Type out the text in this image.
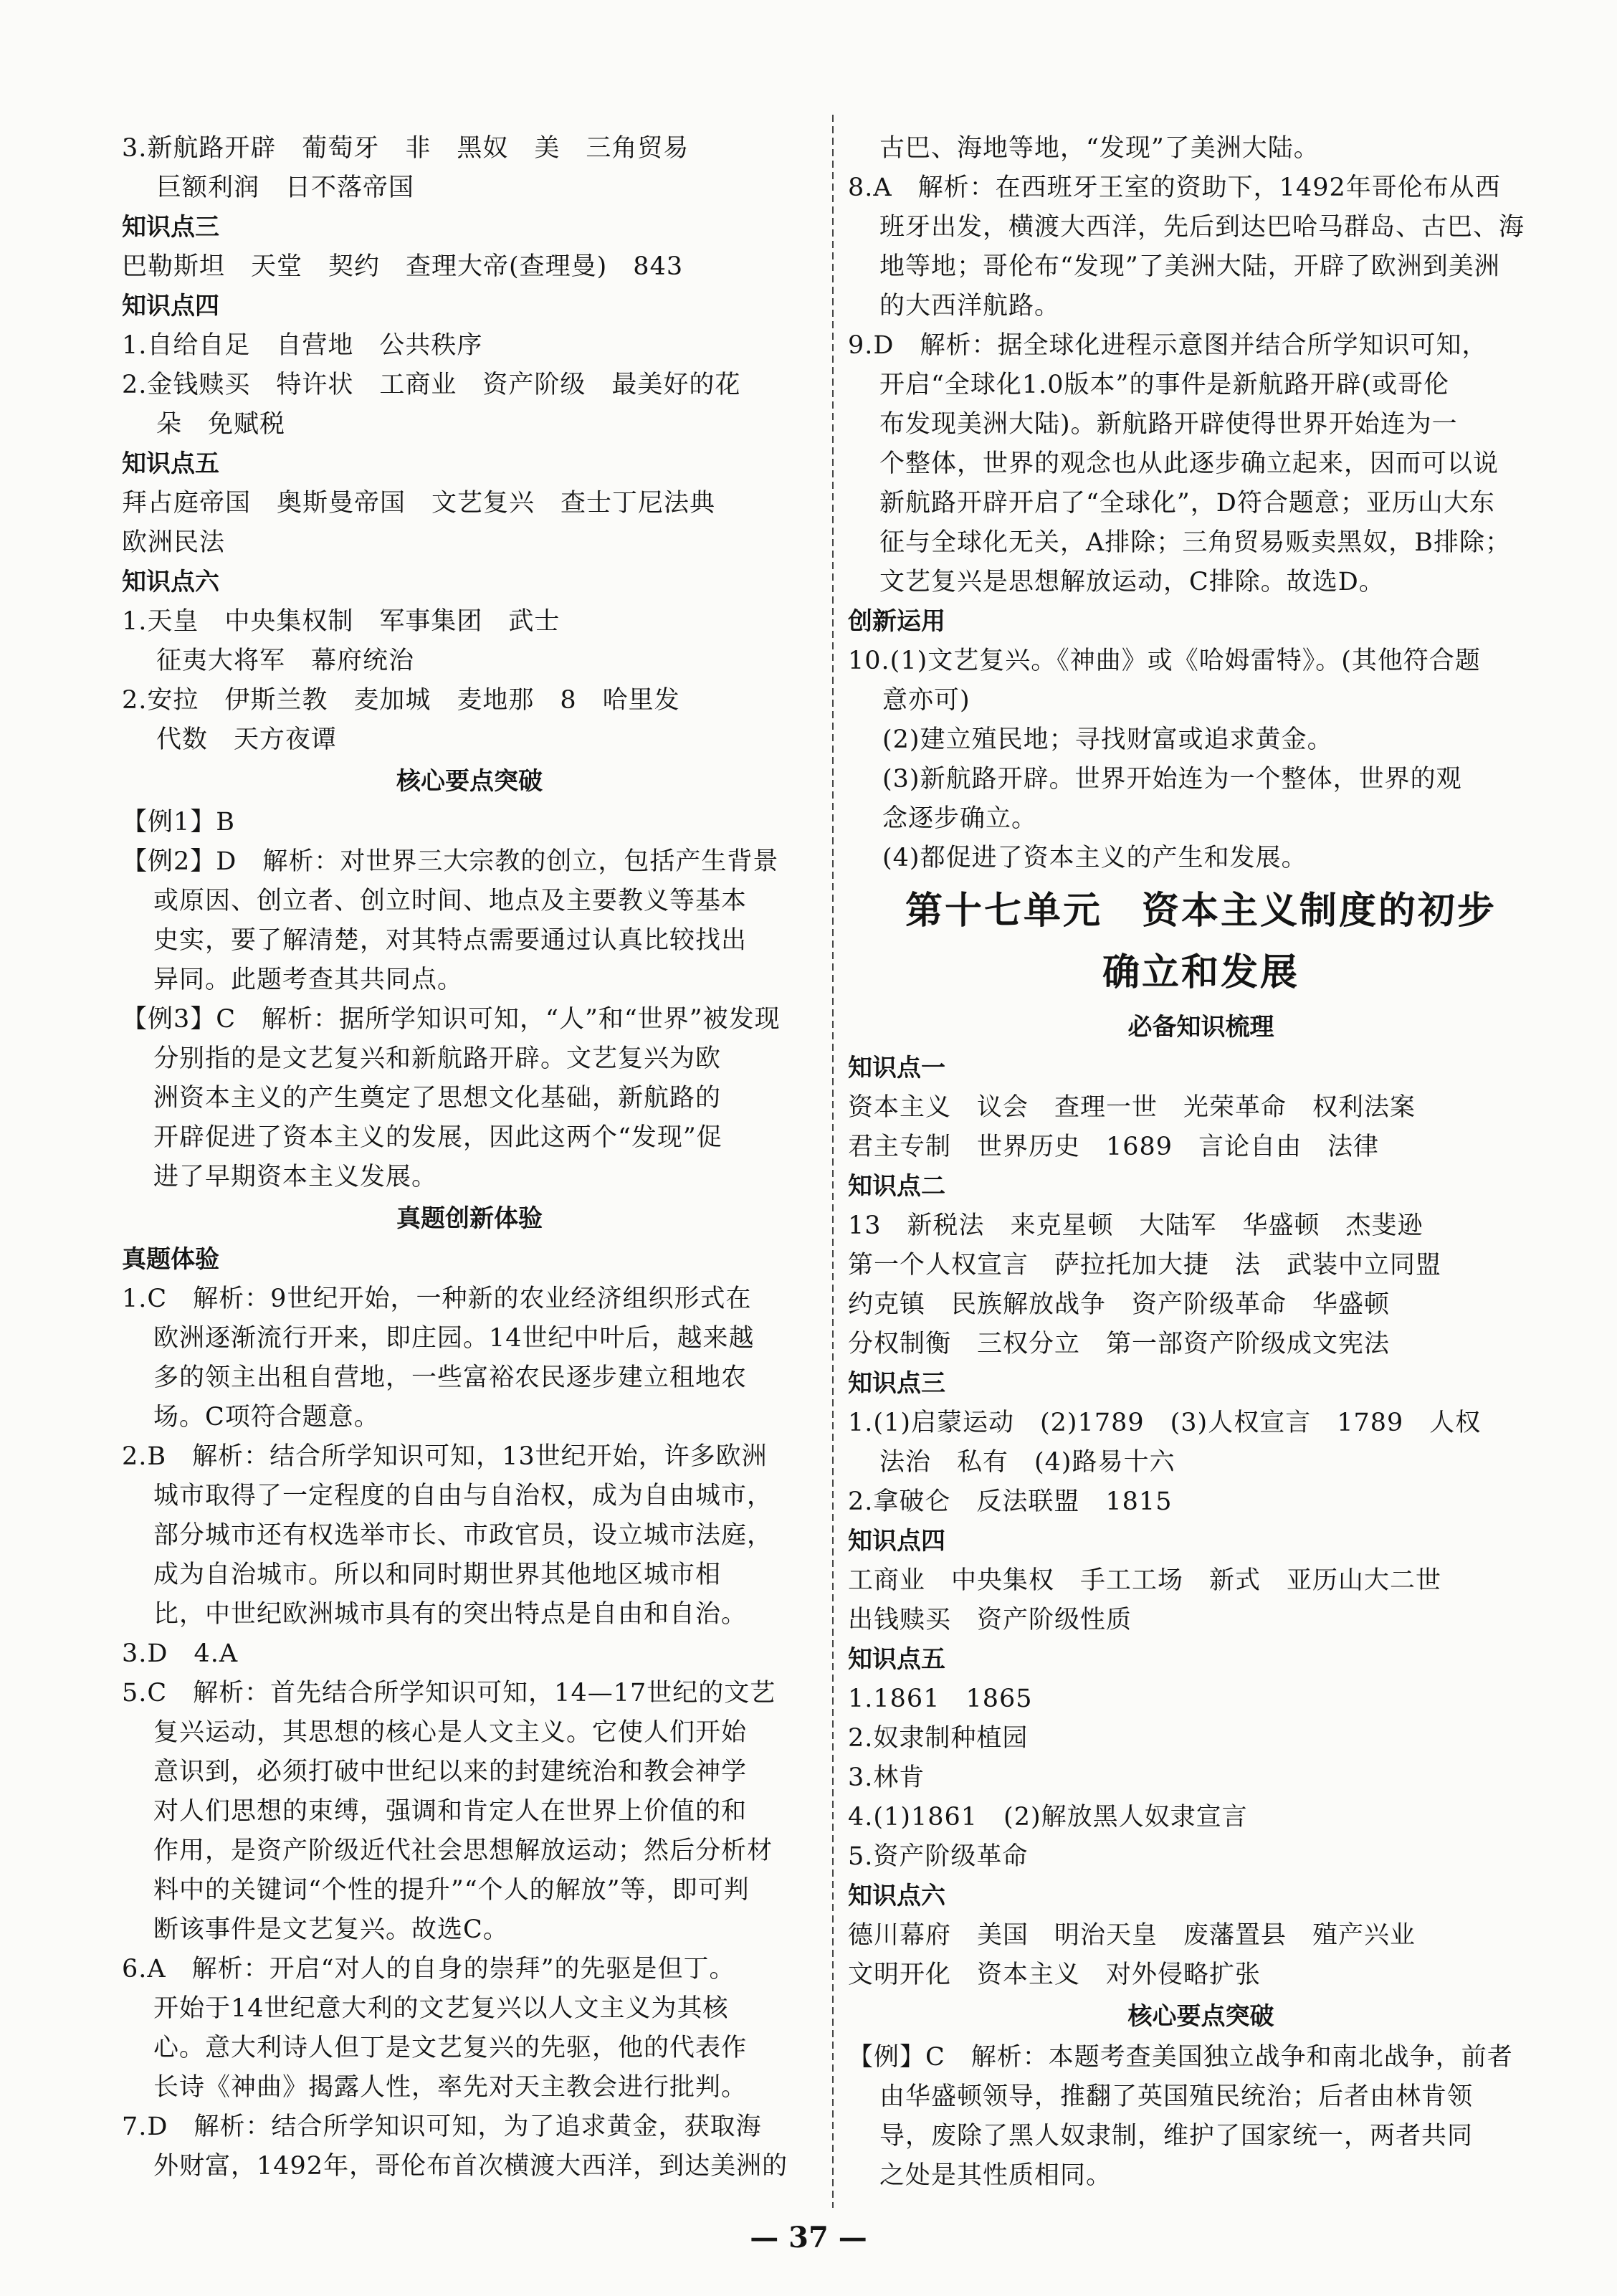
3.新航路开辟　葡萄牙　非　黑奴　美　三角贸易

巨额利润　日不落帝国

知识点三

巴勒斯坦　天堂　契约　查理大帝(查理曼)　843

知识点四

1.自给自足　自营地　公共秩序

2.金钱赎买　特许状　工商业　资产阶级　最美好的花

朵　免赋税

知识点五

拜占庭帝国　奥斯曼帝国　文艺复兴　查士丁尼法典

欧洲民法

知识点六

1.天皇　中央集权制　军事集团　武士

征夷大将军　幕府统治

2.安拉　伊斯兰教　麦加城　麦地那　8　哈里发

代数　天方夜谭

核心要点突破

【例1】B

【例2】D　解析：对世界三大宗教的创立，包括产生背景

或原因、创立者、创立时间、地点及主要教义等基本

史实，要了解清楚，对其特点需要通过认真比较找出

异同。此题考查其共同点。

【例3】C　解析：据所学知识可知，“人”和“世界”被发现

分别指的是文艺复兴和新航路开辟。文艺复兴为欧

洲资本主义的产生奠定了思想文化基础，新航路的

开辟促进了资本主义的发展，因此这两个“发现”促

进了早期资本主义发展。

真题创新体验

真题体验

1.C　解析：9世纪开始，一种新的农业经济组织形式在

欧洲逐渐流行开来，即庄园。14世纪中叶后，越来越

多的领主出租自营地，一些富裕农民逐步建立租地农

场。C项符合题意。

2.B　解析：结合所学知识可知，13世纪开始，许多欧洲

城市取得了一定程度的自由与自治权，成为自由城市，

部分城市还有权选举市长、市政官员，设立城市法庭，

成为自治城市。所以和同时期世界其他地区城市相

比，中世纪欧洲城市具有的突出特点是自由和自治。

3.D　4.A

5.C　解析：首先结合所学知识可知，14—17世纪的文艺

复兴运动，其思想的核心是人文主义。它使人们开始

意识到，必须打破中世纪以来的封建统治和教会神学

对人们思想的束缚，强调和肯定人在世界上价值的和

作用，是资产阶级近代社会思想解放运动；然后分析材

料中的关键词“个性的提升”“个人的解放”等，即可判

断该事件是文艺复兴。故选C。

6.A　解析：开启“对人的自身的崇拜”的先驱是但丁。

开始于14世纪意大利的文艺复兴以人文主义为其核

心。意大利诗人但丁是文艺复兴的先驱，他的代表作

长诗《神曲》揭露人性，率先对天主教会进行批判。

7.D　解析：结合所学知识可知，为了追求黄金，获取海

外财富，1492年，哥伦布首次横渡大西洋，到达美洲的

古巴、海地等地，“发现”了美洲大陆。

8.A　解析：在西班牙王室的资助下，1492年哥伦布从西

班牙出发，横渡大西洋，先后到达巴哈马群岛、古巴、海

地等地；哥伦布“发现”了美洲大陆，开辟了欧洲到美洲

的大西洋航路。

9.D　解析：据全球化进程示意图并结合所学知识可知，

开启“全球化1.0版本”的事件是新航路开辟(或哥伦

布发现美洲大陆)。新航路开辟使得世界开始连为一

个整体，世界的观念也从此逐步确立起来，因而可以说

新航路开辟开启了“全球化”，D符合题意；亚历山大东

征与全球化无关，A排除；三角贸易贩卖黑奴，B排除；

文艺复兴是思想解放运动，C排除。故选D。

创新运用

10.(1)文艺复兴。《神曲》或《哈姆雷特》。(其他符合题

意亦可)

(2)建立殖民地；寻找财富或追求黄金。

(3)新航路开辟。世界开始连为一个整体，世界的观

念逐步确立。

(4)都促进了资本主义的产生和发展。

第十七单元　资本主义制度的初步

确立和发展

必备知识梳理

知识点一

资本主义　议会　查理一世　光荣革命　权利法案

君主专制　世界历史　1689　言论自由　法律

知识点二

13　新税法　来克星顿　大陆军　华盛顿　杰斐逊

第一个人权宣言　萨拉托加大捷　法　武装中立同盟

约克镇　民族解放战争　资产阶级革命　华盛顿

分权制衡　三权分立　第一部资产阶级成文宪法

知识点三

1.(1)启蒙运动　(2)1789　(3)人权宣言　1789　人权

法治　私有　(4)路易十六

2.拿破仑　反法联盟　1815

知识点四

工商业　中央集权　手工工场　新式　亚历山大二世

出钱赎买　资产阶级性质

知识点五

1.1861　1865

2.奴隶制种植园

3.林肯

4.(1)1861　(2)解放黑人奴隶宣言

5.资产阶级革命

知识点六

德川幕府　美国　明治天皇　废藩置县　殖产兴业

文明开化　资本主义　对外侵略扩张

核心要点突破

【例】C　解析：本题考查美国独立战争和南北战争，前者

由华盛顿领导，推翻了英国殖民统治；后者由林肯领

导，废除了黑人奴隶制，维护了国家统一，两者共同

之处是其性质相同。

— 37 —
